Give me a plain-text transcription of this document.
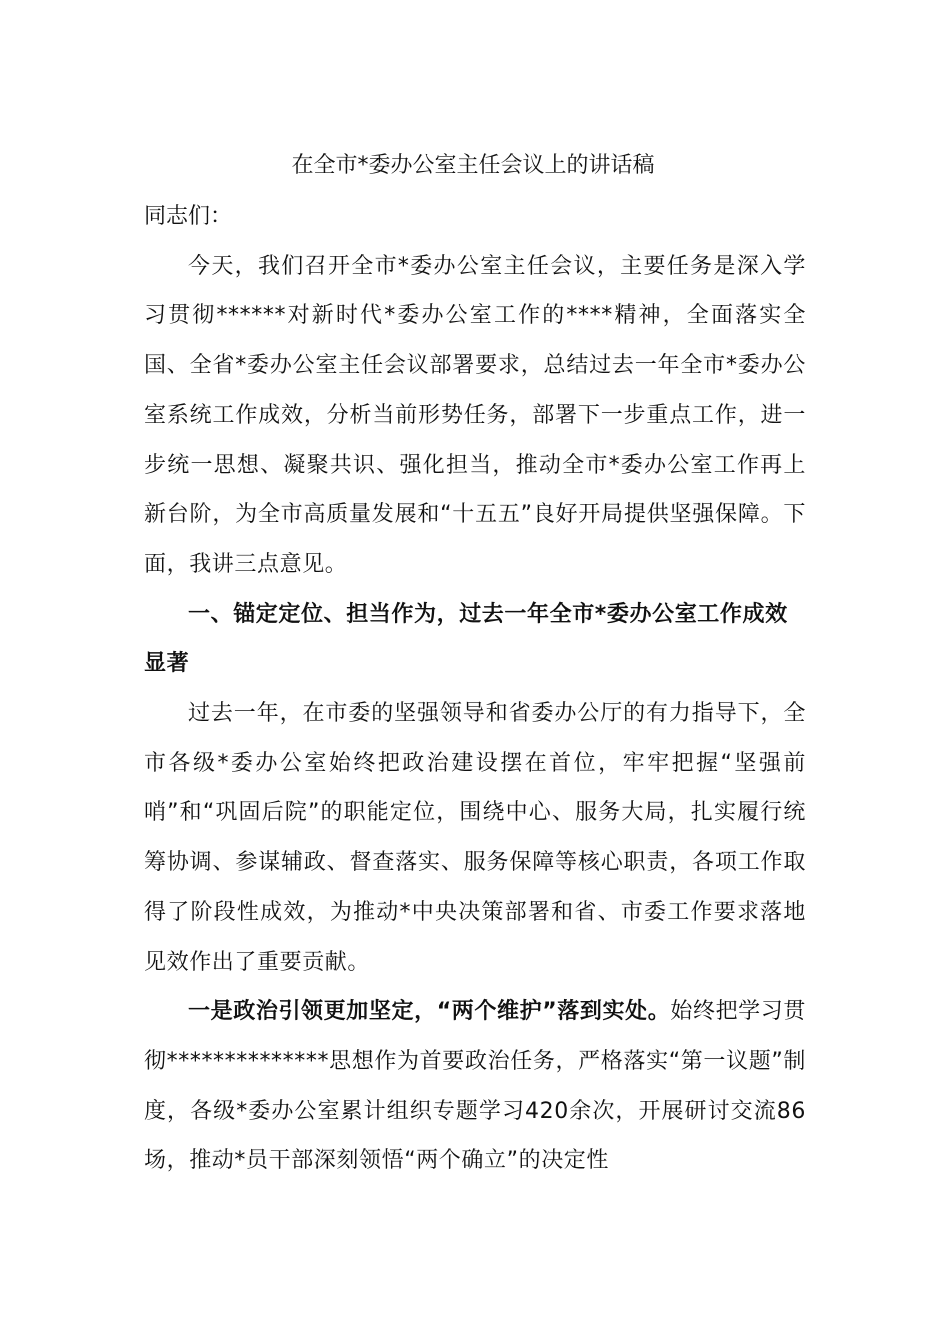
在全市*委办公室主任会议上的讲话稿

同志们：

今天，我们召开全市*委办公室主任会议，主要任务是深入学习贯彻******对新时代*委办公室工作的****精神，全面落实全国、全省*委办公室主任会议部署要求，总结过去一年全市*委办公室系统工作成效，分析当前形势任务，部署下一步重点工作，进一步统一思想、凝聚共识、强化担当，推动全市*委办公室工作再上新台阶，为全市高质量发展和“十五五”良好开局提供坚强保障。下面，我讲三点意见。

一、锚定定位、担当作为，过去一年全市*委办公室工作成效显著

过去一年，在市委的坚强领导和省委办公厅的有力指导下，全市各级*委办公室始终把政治建设摆在首位，牢牢把握“坚强前哨”和“巩固后院”的职能定位，围绕中心、服务大局，扎实履行统筹协调、参谋辅政、督查落实、服务保障等核心职责，各项工作取得了阶段性成效，为推动*中央决策部署和省、市委工作要求落地见效作出了重要贡献。

一是政治引领更加坚定，“两个维护”落到实处。始终把学习贯彻**************思想作为首要政治任务，严格落实“第一议题”制度，各级*委办公室累计组织专题学习420余次，开展研讨交流86场，推动*员干部深刻领悟“两个确立”的决定性
